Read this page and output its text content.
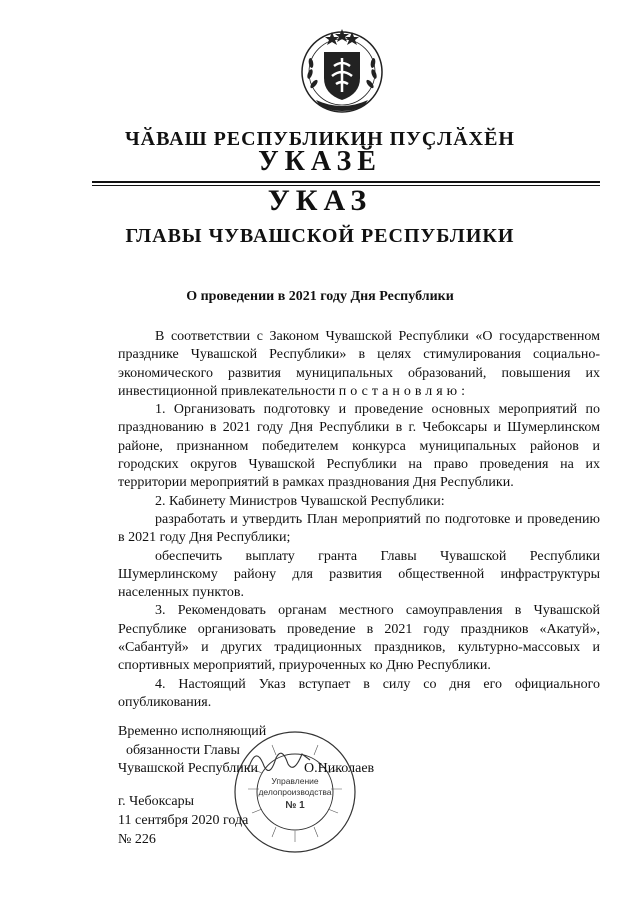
ЧӐВАШ РЕСПУБЛИКИН ПУҪЛӐХӖН
УКАЗӖ
УКАЗ
ГЛАВЫ ЧУВАШСКОЙ РЕСПУБЛИКИ
О проведении в 2021 году Дня Республики

В соответствии с Законом Чувашской Республики «О государственном празднике Чувашской Республики» в целях стимулирования социально-экономического развития муниципальных образований, повышения их инвестиционной привлекательности постановляю:

1. Организовать подготовку и проведение основных мероприятий по празднованию в 2021 году Дня Республики в г. Чебоксары и Шумерлинском районе, признанном победителем конкурса муниципальных районов и городских округов Чувашской Республики на право проведения на их территории мероприятий в рамках празднования Дня Республики.

2. Кабинету Министров Чувашской Республики:

разработать и утвердить План мероприятий по подготовке и проведению в 2021 году Дня Республики;

обеспечить выплату гранта Главы Чувашской Республики Шумерлинскому району для развития общественной инфраструктуры населенных пунктов.

3. Рекомендовать органам местного самоуправления в Чувашской Республике организовать проведение в 2021 году праздников «Акатуй», «Сабантуй» и других традиционных праздников, культурно-массовых и спортивных мероприятий, приуроченных ко Дню Республики.

4. Настоящий Указ вступает в силу со дня его официального опубликования.

Управление
делопроизводства
№ 1
Временно исполняющий
обязанности Главы
Чувашской Республики	О.Николаев
г. Чебоксары
11 сентября 2020 года
№ 226
